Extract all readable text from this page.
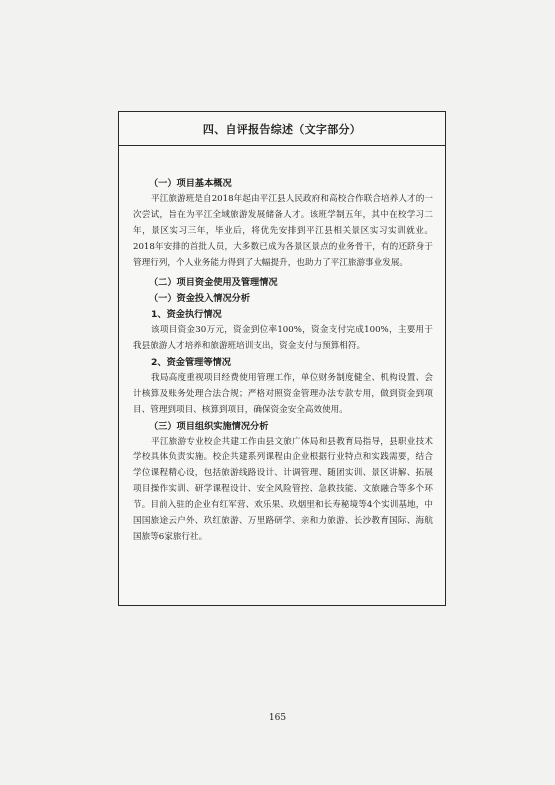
四、自评报告综述（文字部分）
（一）项目基本概况

平江旅游班是自2018年起由平江县人民政府和高校合作联合培养人才的一次尝试，旨在为平江全域旅游发展储备人才。该班学制五年，其中在校学习二年，景区实习三年，毕业后，将优先安排到平江县相关景区实习实训就业。2018年安排的首批人员，大多数已成为各景区景点的业务骨干，有的还跻身于管理行列，个人业务能力得到了大幅提升，也助力了平江旅游事业发展。

（二）项目资金使用及管理情况
（一）资金投入情况分析
1、资金执行情况

该项目资金30万元，资金到位率100%，资金支付完成100%，主要用于我县旅游人才培养和旅游班培训支出，资金支付与预算相符。

2、资金管理等情况

我局高度重视项目经费使用管理工作，单位财务制度健全、机构设置、会计核算及账务处理合法合规；严格对照资金管理办法专款专用，做到资金到项目、管理到项目、核算到项目，确保资金安全高效使用。

（三）项目组织实施情况分析

平江旅游专业校企共建工作由县文旅广体局和县教育局指导，县职业技术学校具体负责实施。校企共建系列课程由企业根据行业特点和实践需要，结合学位课程精心设，包括旅游线路设计、计调管理、随团实训、景区讲解、拓展项目操作实训、研学课程设计、安全风险管控、急救技能、文旅融合等多个环节。目前入驻的企业有红军营、欢乐果、玖烟里和长寿秘境等4个实训基地，中国国旅途云户外、玖红旅游、万里路研学、亲和力旅游、长沙教育国际、海航国旅等6家旅行社。

165
